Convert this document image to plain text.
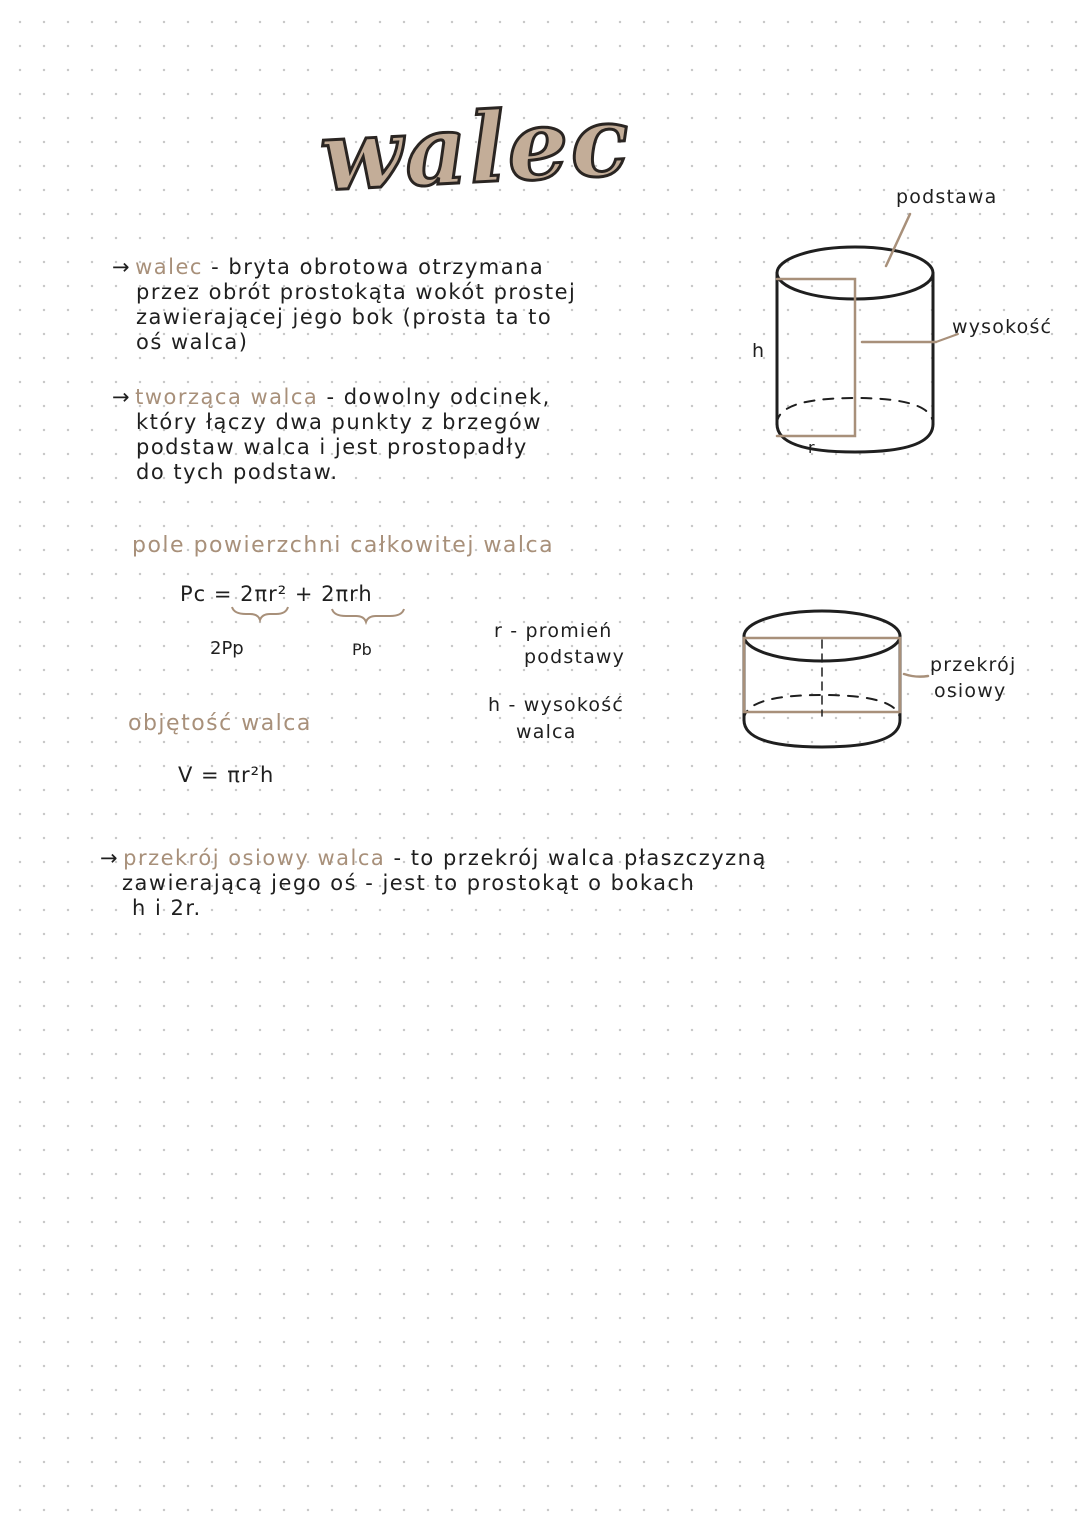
walec
→ walec - bryta obrotowa otrzymana
przez obrót prostokąta wokót prostej
zawierającej jego bok (prosta ta to
oś walca)
→ tworząca walca - dowolny odcinek,
który łączy dwa punkty z brzegów
podstaw walca i jest prostopadły
do tych podstaw.
pole powierzchni całkowitej walca
Pc = 2πr² + 2πrh
2Pp	Pb
r - promień
podstawy
h - wysokość
walca
objętość walca
V = πr²h
podstawa
wysokość
h
r
przekrój
osiowy
→ przekrój osiowy walca - to przekrój walca płaszczyzną
zawierającą jego oś - jest to prostokąt o bokach
h i 2r.
